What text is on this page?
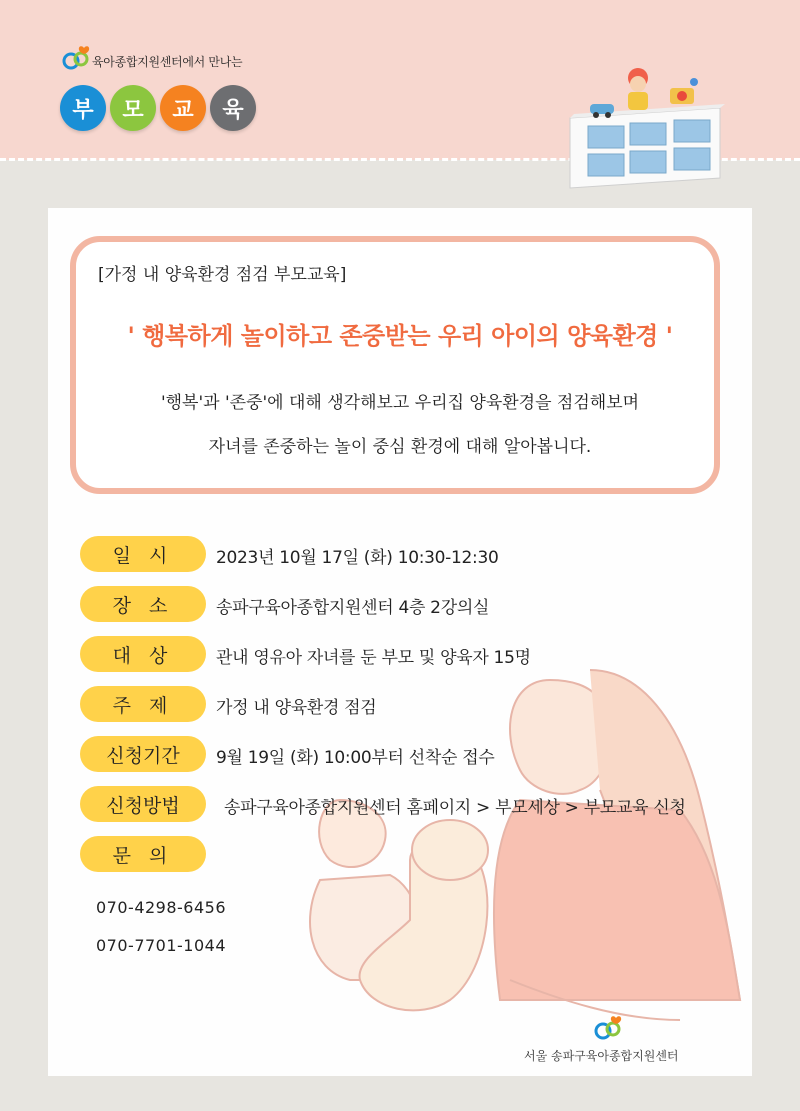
육아종합지원센터에서 만나는
부	모	교	육
[가정 내 양육환경 점검 부모교육]
' 행복하게 놀이하고 존중받는 우리 아이의 양육환경 '
'행복'과 '존중'에 대해 생각해보고 우리집 양육환경을 점검해보며
자녀를 존중하는 놀이 중심 환경에 대해 알아봅니다.
일 시	2023년 10월 17일 (화) 10:30-12:30
장 소	송파구육아종합지원센터 4층 2강의실
대 상	관내 영유아 자녀를 둔 부모 및 양육자 15명
주 제	가정 내 양육환경 점검
신청기간	9월 19일 (화) 10:00부터 선착순 접수
신청방법	송파구육아종합지원센터 홈페이지 > 부모세상 > 부모교육 신청
문 의
070-4298-6456
070-7701-1044
서울 송파구육아종합지원센터
